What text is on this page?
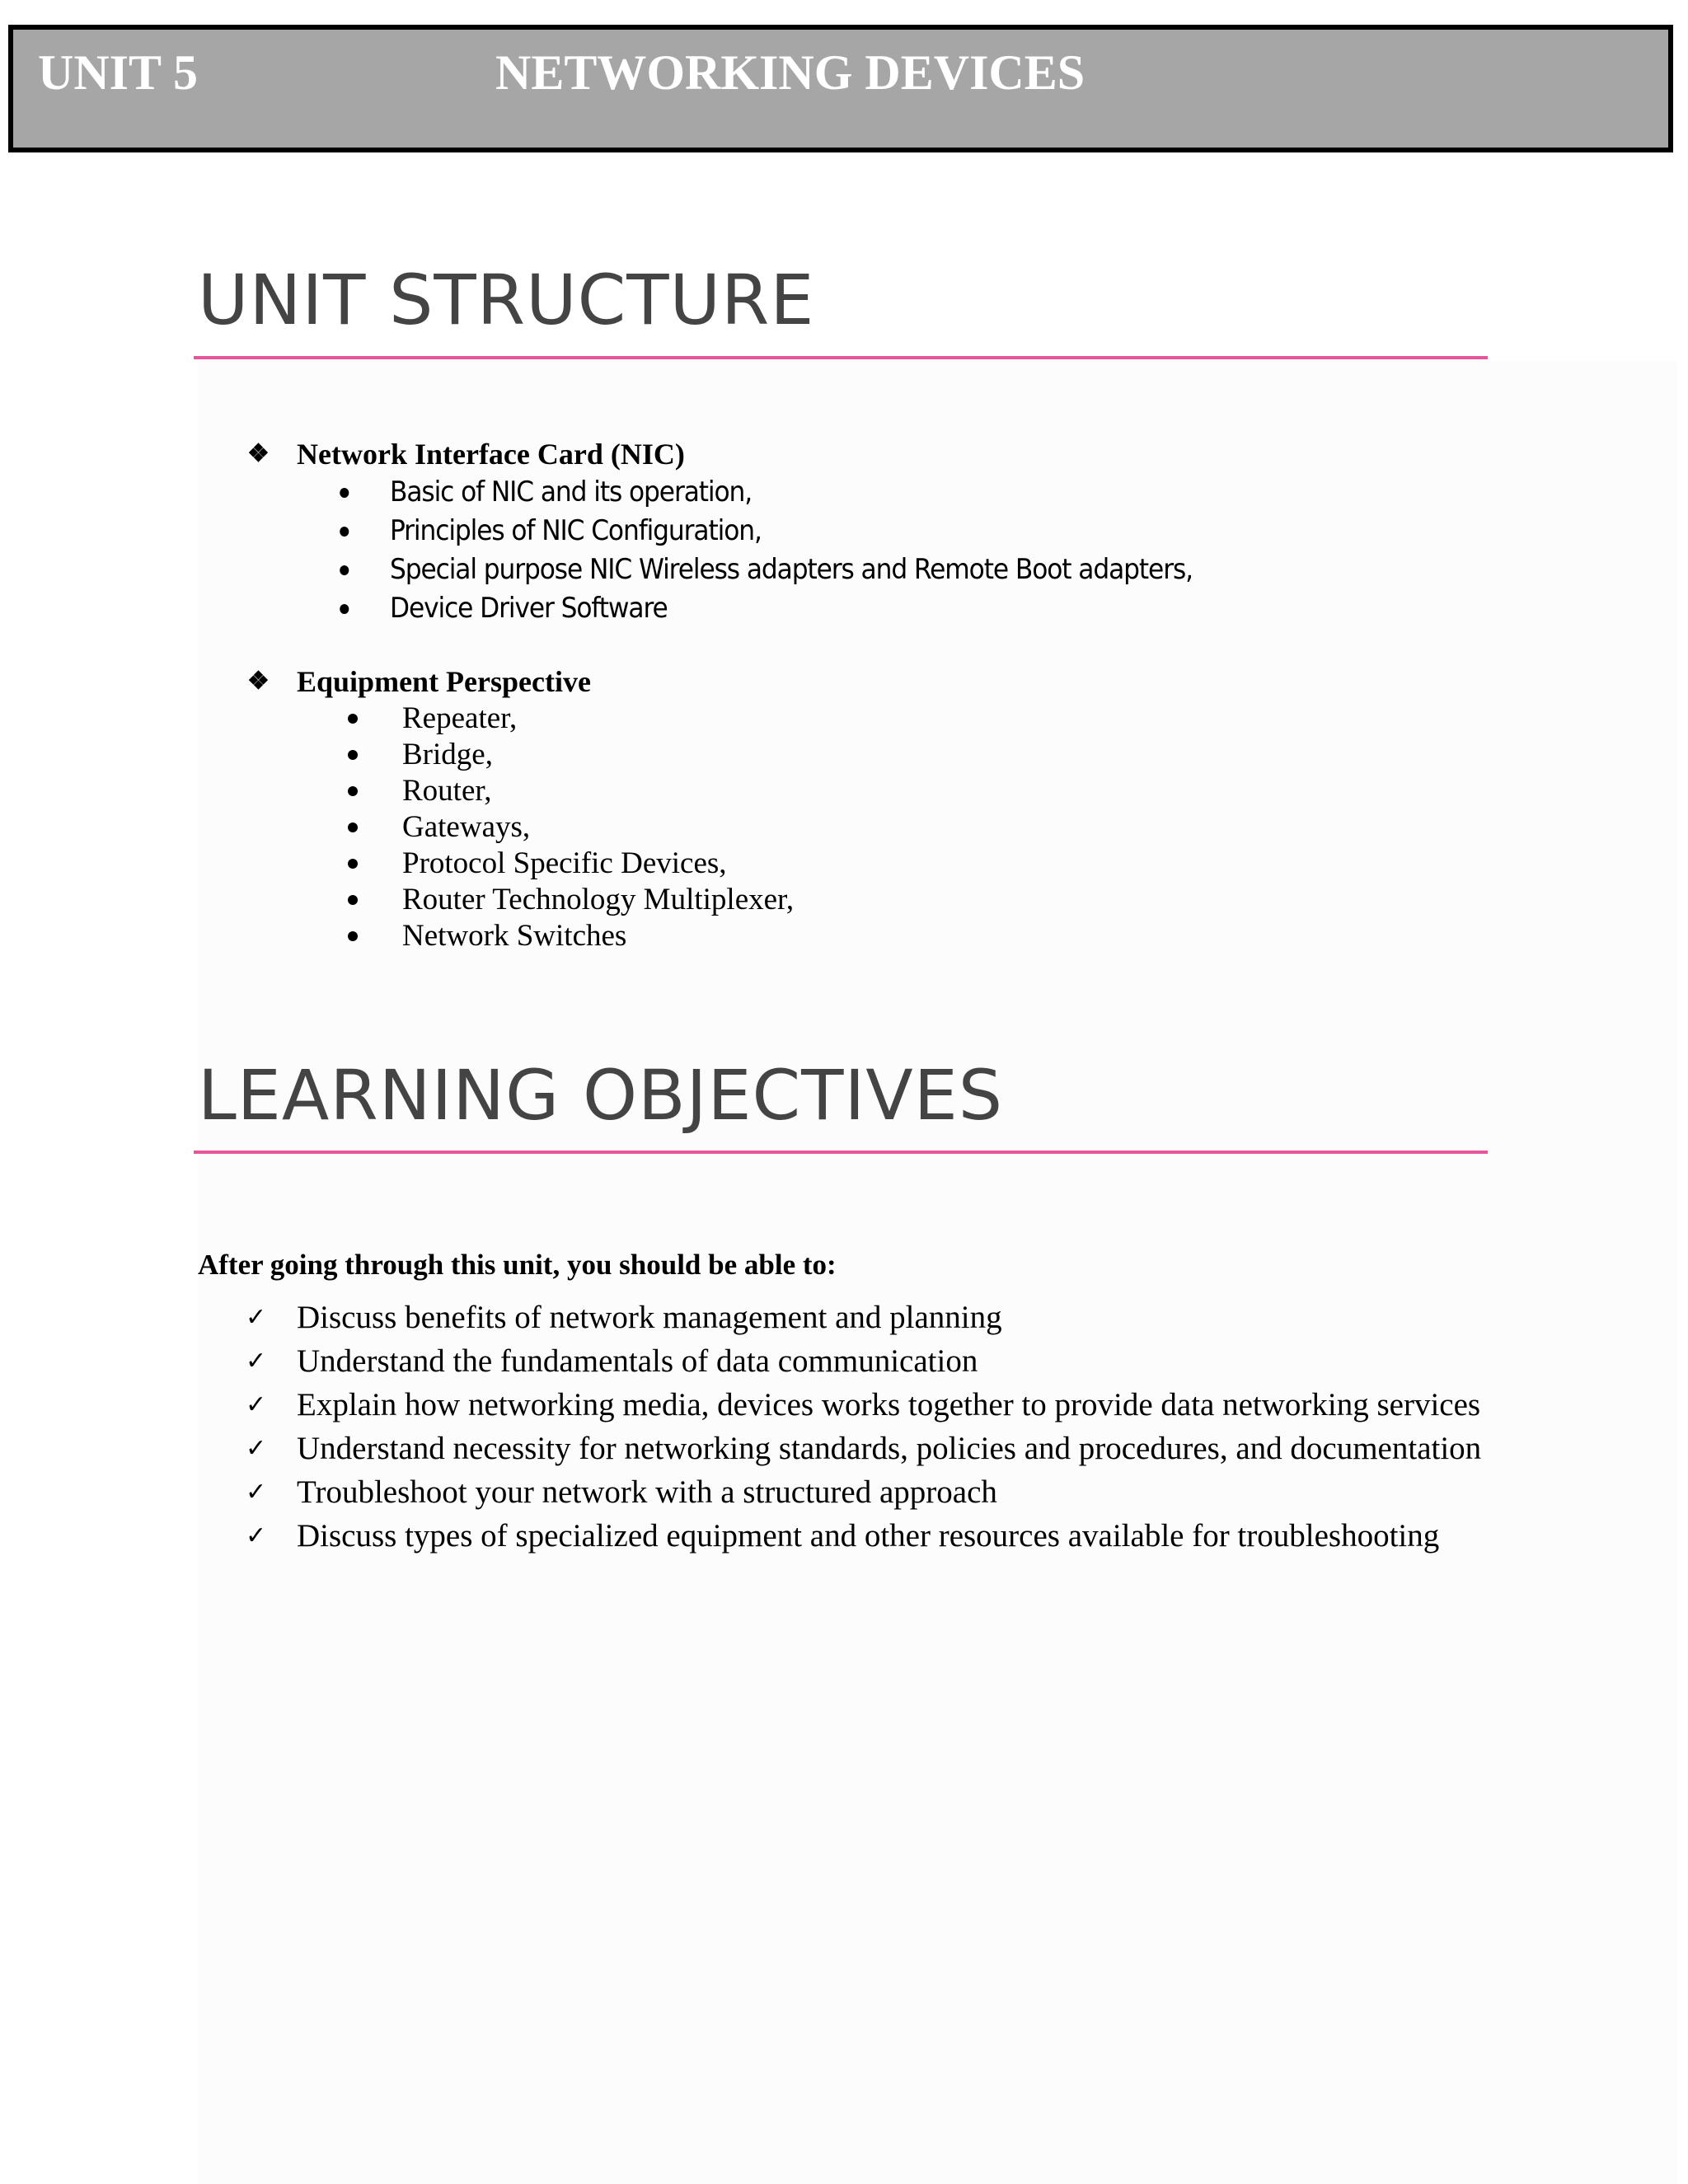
UNIT 5	NETWORKING DEVICES
UNIT STRUCTURE
❖ Network Interface Card (NIC)
Basic of NIC and its operation,
Principles of NIC Configuration,
Special purpose NIC Wireless adapters and Remote Boot adapters,
Device Driver Software
❖ Equipment Perspective
Repeater,
Bridge,
Router,
Gateways,
Protocol Specific Devices,
Router Technology Multiplexer,
Network Switches
LEARNING OBJECTIVES
After going through this unit, you should be able to:
✓ Discuss benefits of network management and planning
✓ Understand the fundamentals of data communication
✓ Explain how networking media, devices works together to provide data networking services
✓ Understand necessity for networking standards, policies and procedures, and documentation
✓ Troubleshoot your network with a structured approach
✓ Discuss types of specialized equipment and other resources available for troubleshooting
